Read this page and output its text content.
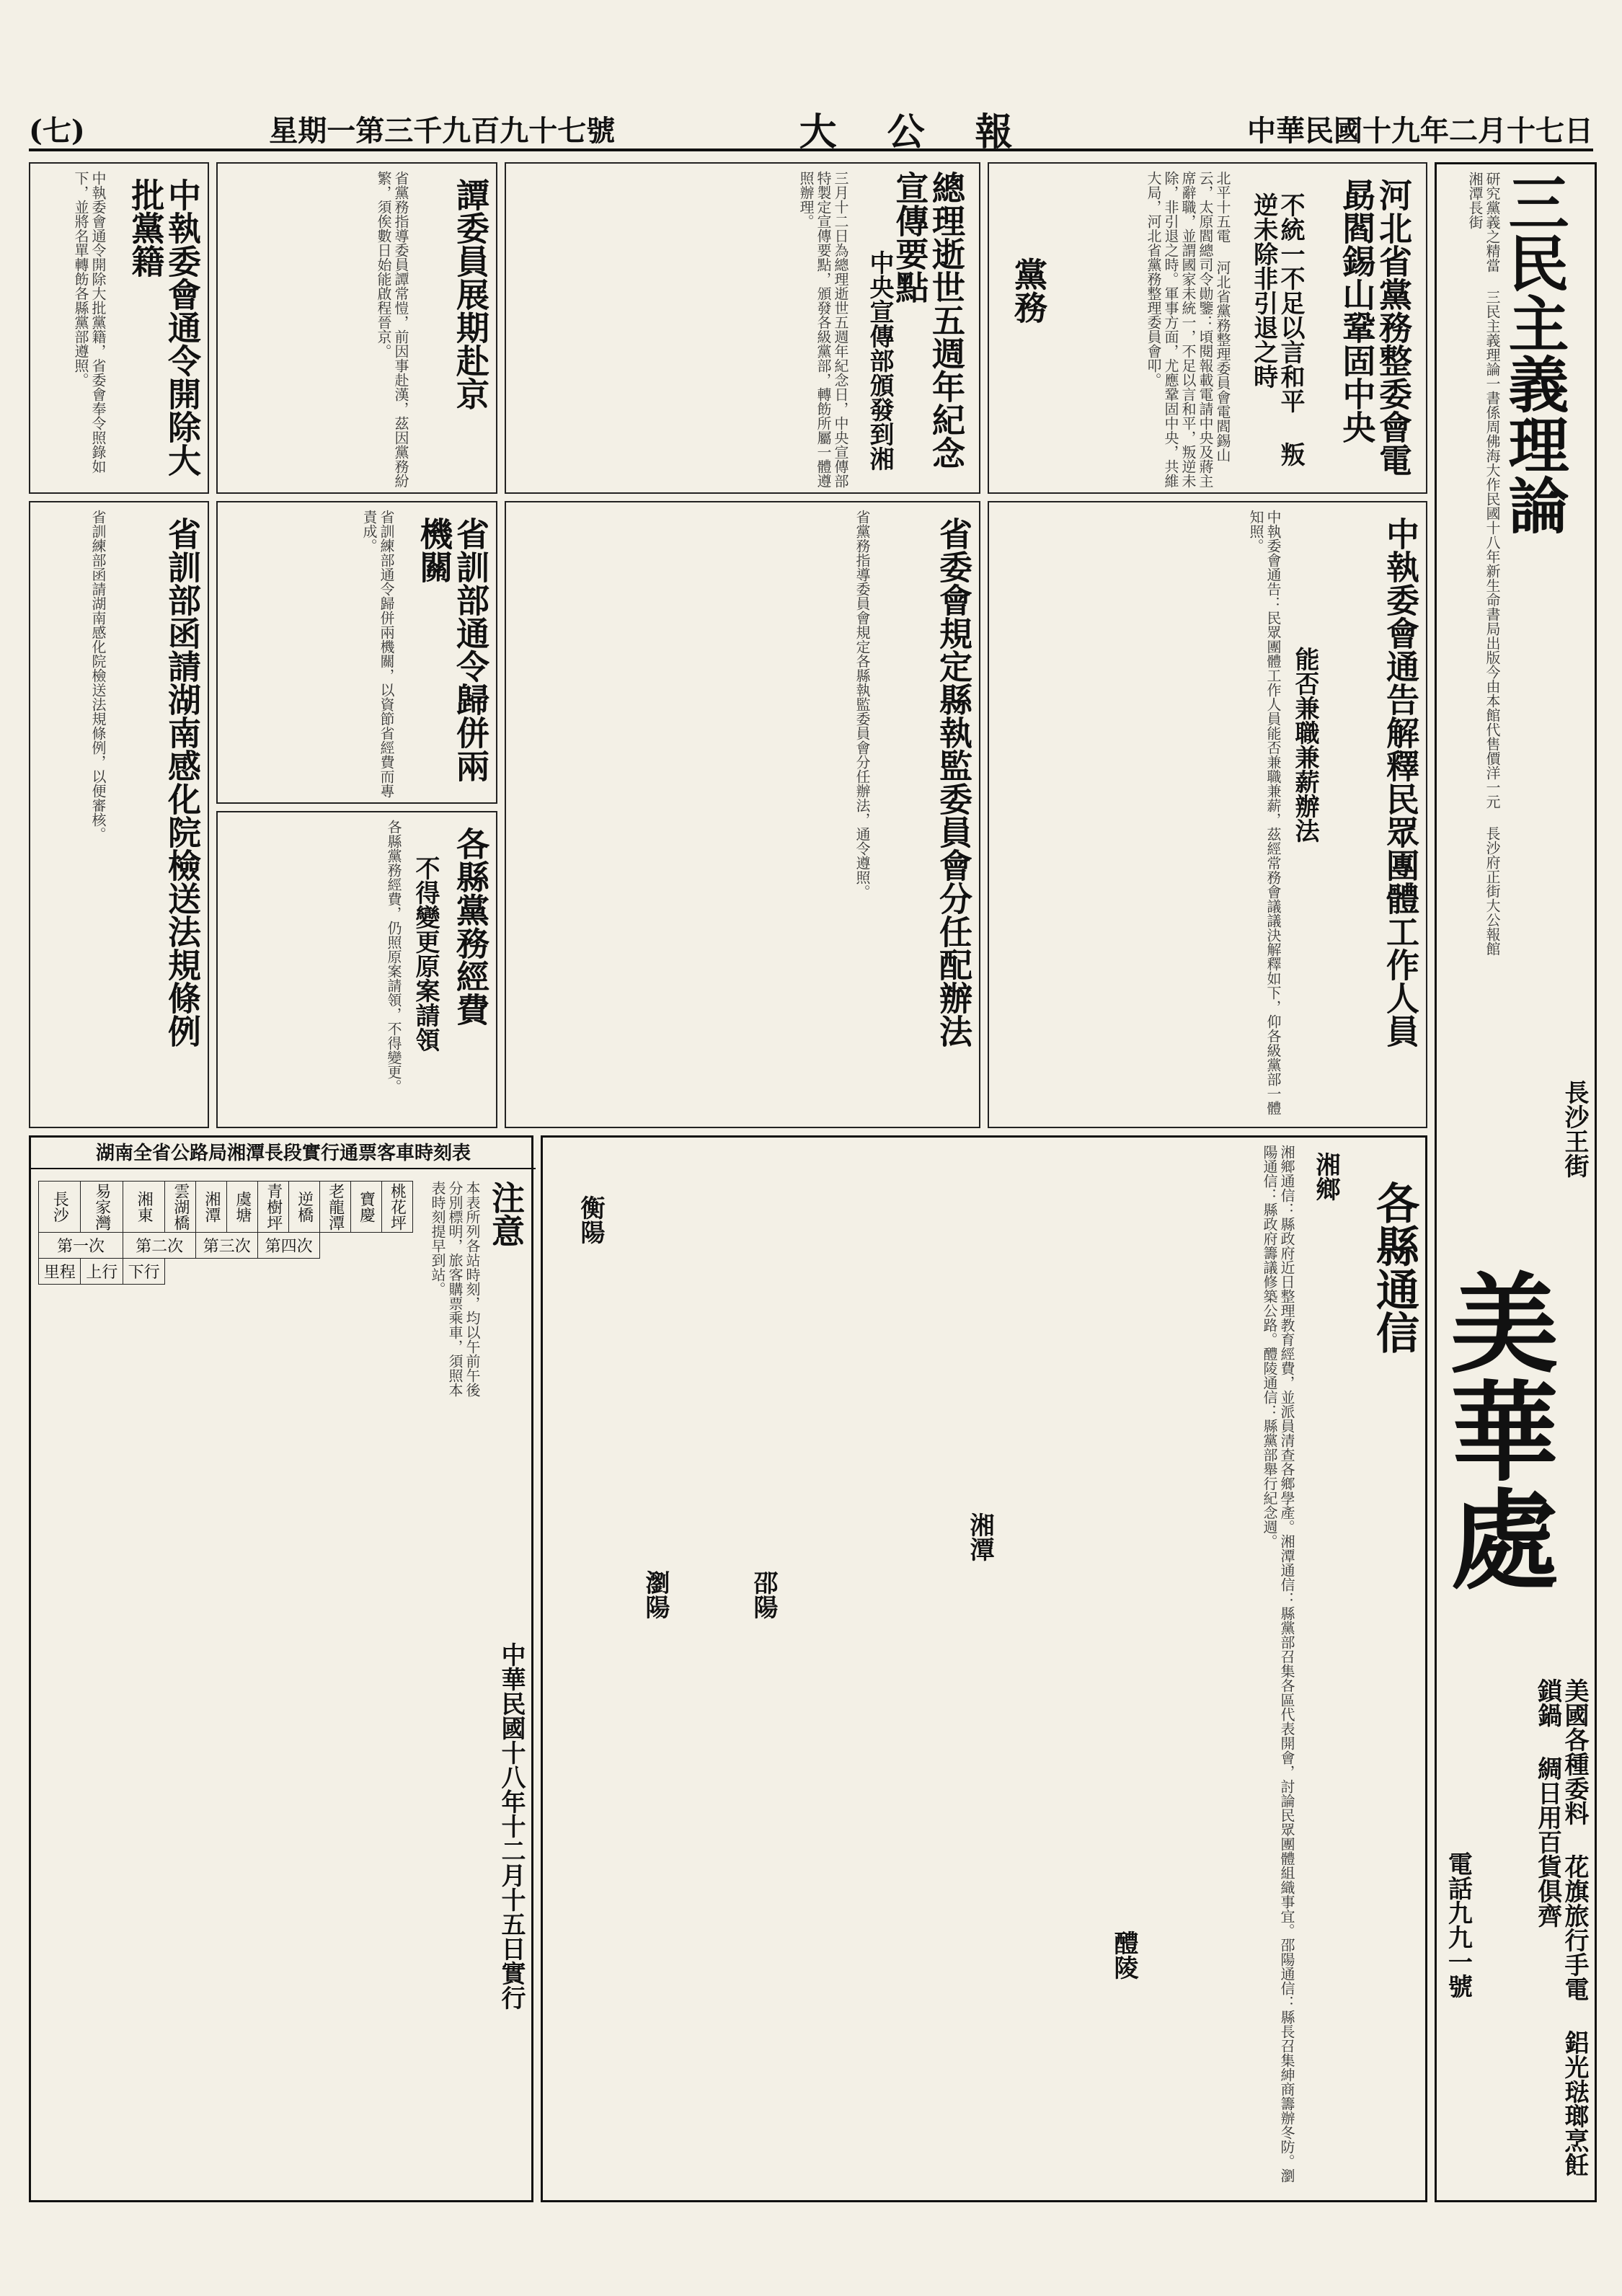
(七)	星期一第三千九百九十七號	大公報	中華民國十九年二月十七日
三民主義理論
研究黨義之精當 三民主義理論一書係周佛海大作民國十八年新生命書局出版今由本館代售價洋一元 長沙府正街大公報館 湘潭長街
長沙王街
美華處
美國各種委料 花旗旅行手電 鋁光琺瑯烹飪鎖鍋 綢日用百貨俱齊
電話九九一號
黨務	河北省黨務整委會電 勗閻錫山鞏固中央
不統一不足以言和平 叛逆未除非引退之時
北平十五電 河北省黨務整理委員會電閻錫山云，太原閻總司令勛鑒：頃閱報載電請中央及蔣主席辭職，並謂國家未統一，不足以言和平，叛逆未除，非引退之時。軍事方面，尤應鞏固中央，共維大局，河北省黨務整理委員會叩。
總理逝世五週年紀念宣傳要點
中央宣傳部頒發到湘
三月十二日為總理逝世五週年紀念日，中央宣傳部特製定宣傳要點，頒發各級黨部，轉飭所屬一體遵照辦理。
譚委員展期赴京
省黨務指導委員譚常愷，前因事赴漢，茲因黨務紛繁，須俟數日始能啟程晉京。
中執委會通令開除大批黨籍
中執委會通令開除大批黨籍，省委會奉令照錄如下，並將名單轉飭各縣黨部遵照。
中執委會通告解釋民眾團體工作人員
能否兼職兼薪辦法
中執委會通告：民眾團體工作人員能否兼職兼薪，茲經常務會議議決解釋如下，仰各級黨部一體知照。
省委會規定縣執監委員會分任配辦法
省黨務指導委員會規定各縣執監委員會分任辦法，通令遵照。
省訓部通令歸併兩機關
省訓練部通令歸併兩機關，以資節省經費而專責成。
各縣黨務經費
不得變更原案請領
各縣黨務經費，仍照原案請領，不得變更。
省訓部函請湖南感化院檢送法規條例
省訓練部函請湖南感化院檢送法規條例，以便審核。
各縣通信
湘鄉
湘潭
邵陽
瀏陽
醴陵
衡陽	湘鄉通信：縣政府近日整理教育經費，並派員清查各鄉學產。湘潭通信：縣黨部召集各區代表開會，討論民眾團體組織事宜。邵陽通信：縣長召集紳商籌辦冬防。瀏陽通信：縣政府籌議修築公路。醴陵通信：縣黨部舉行紀念週。
湖南全省公路局湘潭長段實行通票客車時刻表
注意
本表所列各站時刻，均以午前午後分別標明，旅客購票乘車，須照本表時刻提早到站。
中華民國十八年十二月十五日實行
長沙	易家灣	湘東	雲湖橋	湘潭	虞塘	青樹坪	逆橋	老龍潭	寶慶	桃花坪
第一次		第二次		第三次		第四次				
里程	上行	下行								
